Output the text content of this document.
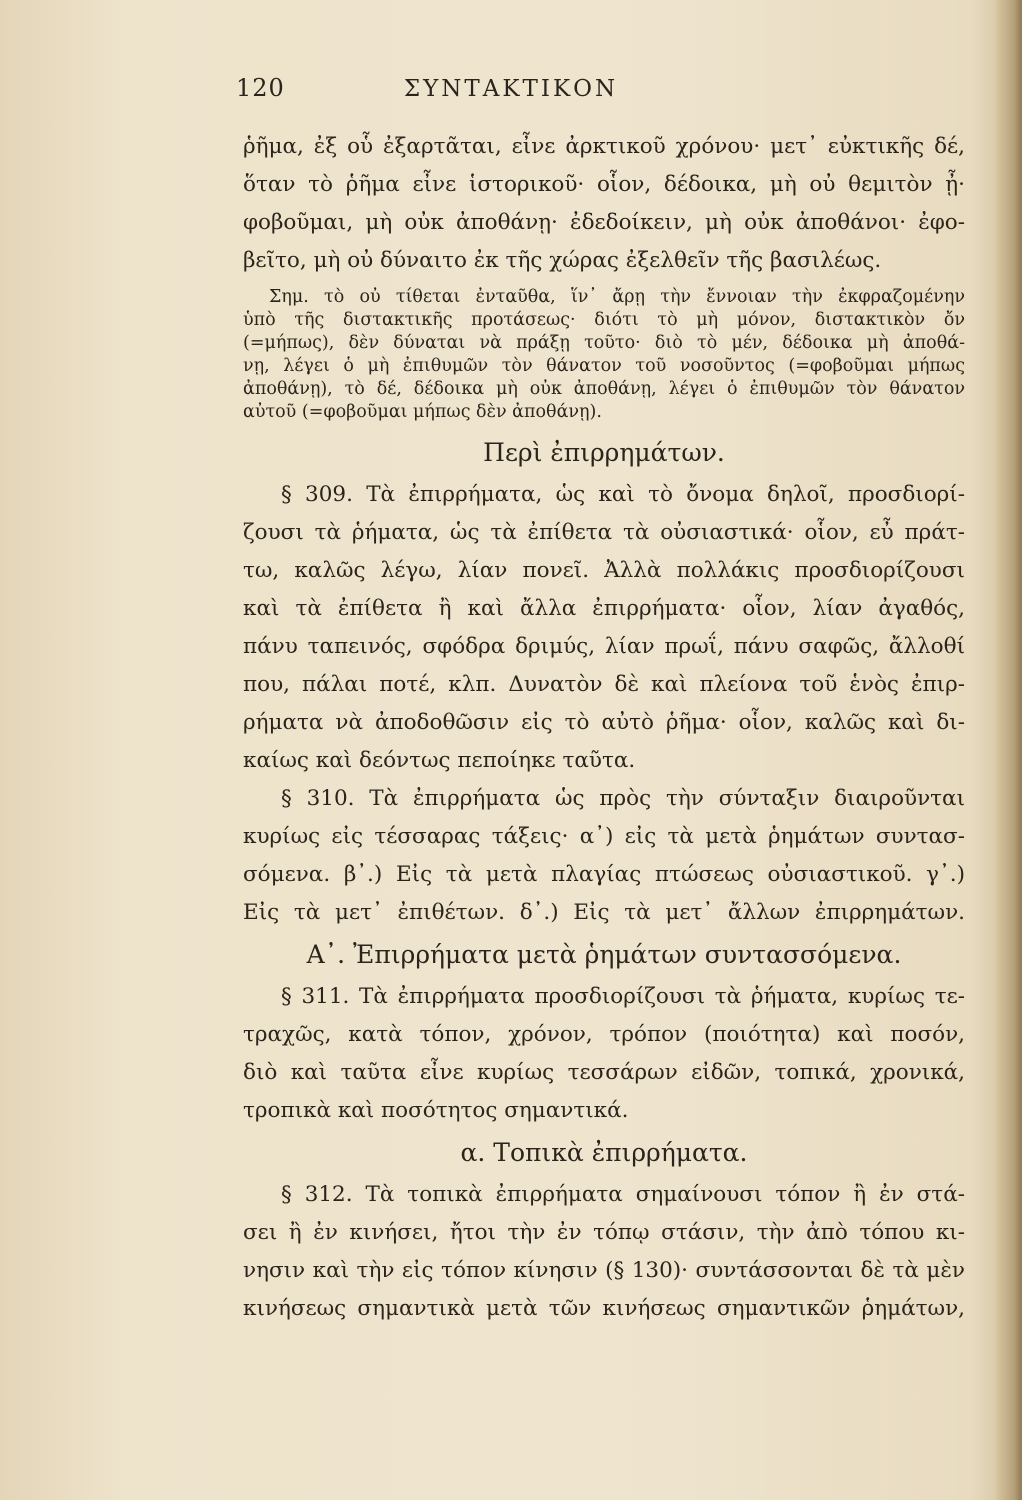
120	ΣΥΝΤΑΚΤΙΚΟΝ
ῥῆμα, ἐξ οὗ ἐξαρτᾶται, εἶνε ἀρκτικοῦ χρόνου· μετ᾽ εὐκτικῆς δέ,
ὅταν τὸ ῥῆμα εἶνε ἱστορικοῦ· οἷον, δέδοικα, μὴ οὐ θεμιτὸν ᾖ·
φοβοῦμαι, μὴ οὐκ ἀποθάνῃ· ἐδεδοίκειν, μὴ οὐκ ἀποθάνοι· ἐφο-
βεῖτο, μὴ οὐ δύναιτο ἐκ τῆς χώρας ἐξελθεῖν τῆς βασιλέως.
Σημ. τὸ οὐ τίθεται ἐνταῦθα, ἵν᾽ ἄρῃ τὴν ἔννοιαν τὴν ἐκφραζομένην
ὑπὸ τῆς διστακτικῆς προτάσεως· διότι τὸ μὴ μόνον, διστακτικὸν ὄν
(=μήπως), δὲν δύναται νὰ πράξῃ τοῦτο· διὸ τὸ μέν, δέδοικα μὴ ἀποθά-
νῃ, λέγει ὁ μὴ ἐπιθυμῶν τὸν θάνατον τοῦ νοσοῦντος (=φοβοῦμαι μήπως
ἀποθάνῃ), τὸ δέ, δέδοικα μὴ οὐκ ἀποθάνῃ, λέγει ὁ ἐπιθυμῶν τὸν θάνατον
αὐτοῦ (=φοβοῦμαι μήπως δὲν ἀποθάνῃ).
Περὶ ἐπιρρημάτων.
§ 309. Τὰ ἐπιρρήματα, ὡς καὶ τὸ ὄνομα δηλοῖ, προσδιορί-
ζουσι τὰ ῥήματα, ὡς τὰ ἐπίθετα τὰ οὐσιαστικά· οἷον, εὖ πράτ-
τω, καλῶς λέγω, λίαν πονεῖ. Ἀλλὰ πολλάκις προσδιορίζουσι
καὶ τὰ ἐπίθετα ἢ καὶ ἄλλα ἐπιρρήματα· οἷον, λίαν ἀγαθός,
πάνυ ταπεινός, σφόδρα δριμύς, λίαν πρωΐ, πάνυ σαφῶς, ἄλλοθί
που, πάλαι ποτέ, κλπ. Δυνατὸν δὲ καὶ πλείονα τοῦ ἑνὸς ἐπιρ-
ρήματα νὰ ἀποδοθῶσιν εἰς τὸ αὐτὸ ῥῆμα· οἷον, καλῶς καὶ δι-
καίως καὶ δεόντως πεποίηκε ταῦτα.
§ 310. Τὰ ἐπιρρήματα ὡς πρὸς τὴν σύνταξιν διαιροῦνται
κυρίως εἰς τέσσαρας τάξεις· α᾽) εἰς τὰ μετὰ ῥημάτων συντασ-
σόμενα. β᾽.) Εἰς τὰ μετὰ πλαγίας πτώσεως οὐσιαστικοῦ. γ᾽.)
Εἰς τὰ μετ᾽ ἐπιθέτων. δ᾽.) Εἰς τὰ μετ᾽ ἄλλων ἐπιρρημάτων.
Α᾽. Ἐπιρρήματα μετὰ ῥημάτων συντασσόμενα.
§ 311. Τὰ ἐπιρρήματα προσδιορίζουσι τὰ ῥήματα, κυρίως τε-
τραχῶς, κατὰ τόπον, χρόνον, τρόπον (ποιότητα) καὶ ποσόν,
διὸ καὶ ταῦτα εἶνε κυρίως τεσσάρων εἰδῶν, τοπικά, χρονικά,
τροπικὰ καὶ ποσότητος σημαντικά.
α. Τοπικὰ ἐπιρρήματα.
§ 312. Τὰ τοπικὰ ἐπιρρήματα σημαίνουσι τόπον ἢ ἐν στά-
σει ἢ ἐν κινήσει, ἤτοι τὴν ἐν τόπῳ στάσιν, τὴν ἀπὸ τόπου κι-
νησιν καὶ τὴν εἰς τόπον κίνησιν (§ 130)· συντάσσονται δὲ τὰ μὲν
κινήσεως σημαντικὰ μετὰ τῶν κινήσεως σημαντικῶν ῥημάτων,
